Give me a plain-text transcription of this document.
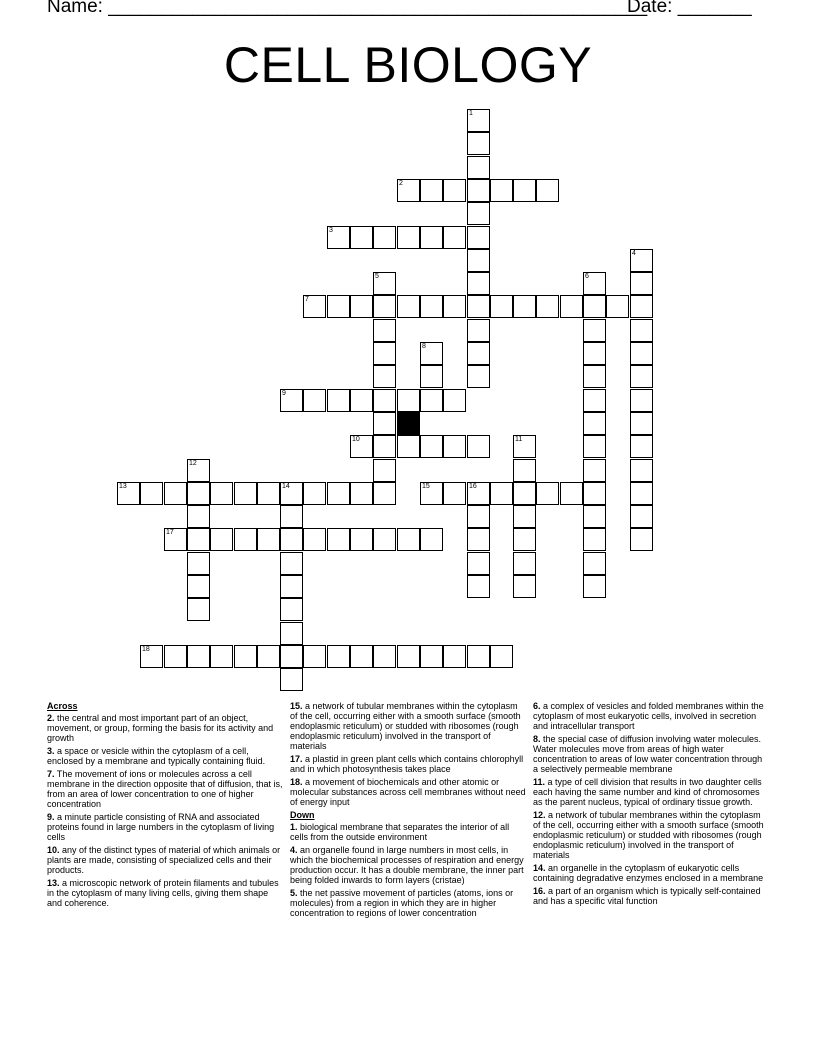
Name: ___________________________________________________
Date: _______
CELL BIOLOGY
1
2
3
4
5	6
7
8
9
10	11
12
13	14	15	16
17
18
Across
2. the central and most important part of an object, movement, or group, forming the basis for its activity and growth
3. a space or vesicle within the cytoplasm of a cell, enclosed by a membrane and typically containing fluid.
7. The movement of ions or molecules across a cell membrane in the direction opposite that of diffusion, that is, from an area of lower concentration to one of higher concentration
9. a minute particle consisting of RNA and associated proteins found in large numbers in the cytoplasm of living cells
10. any of the distinct types of material of which animals or plants are made, consisting of specialized cells and their products.
13. a microscopic network of protein filaments and tubules in the cytoplasm of many living cells, giving them shape and coherence.
15. a network of tubular membranes within the cytoplasm of the cell, occurring either with a smooth surface (smooth endoplasmic reticulum) or studded with ribosomes (rough endoplasmic reticulum) involved in the transport of materials
17. a plastid in green plant cells which contains chlorophyll and in which photosynthesis takes place
18. a movement of biochemicals and other atomic or molecular substances across cell membranes without need of energy input
Down
1. biological membrane that separates the interior of all cells from the outside environment
4. an organelle found in large numbers in most cells, in which the biochemical processes of respiration and energy production occur. It has a double membrane, the inner part being folded inwards to form layers (cristae)
5. the net passive movement of particles (atoms, ions or molecules) from a region in which they are in higher concentration to regions of lower concentration
6. a complex of vesicles and folded membranes within the cytoplasm of most eukaryotic cells, involved in secretion and intracellular transport
8. the special case of diffusion involving water molecules. Water molecules move from areas of high water concentration to areas of low water concentration through a selectively permeable membrane
11. a type of cell division that results in two daughter cells each having the same number and kind of chromosomes as the parent nucleus, typical of ordinary tissue growth.
12. a network of tubular membranes within the cytoplasm of the cell, occurring either with a smooth surface (smooth endoplasmic reticulum) or studded with ribosomes (rough endoplasmic reticulum) involved in the transport of materials
14. an organelle in the cytoplasm of eukaryotic cells containing degradative enzymes enclosed in a membrane
16. a part of an organism which is typically self-contained and has a specific vital function
